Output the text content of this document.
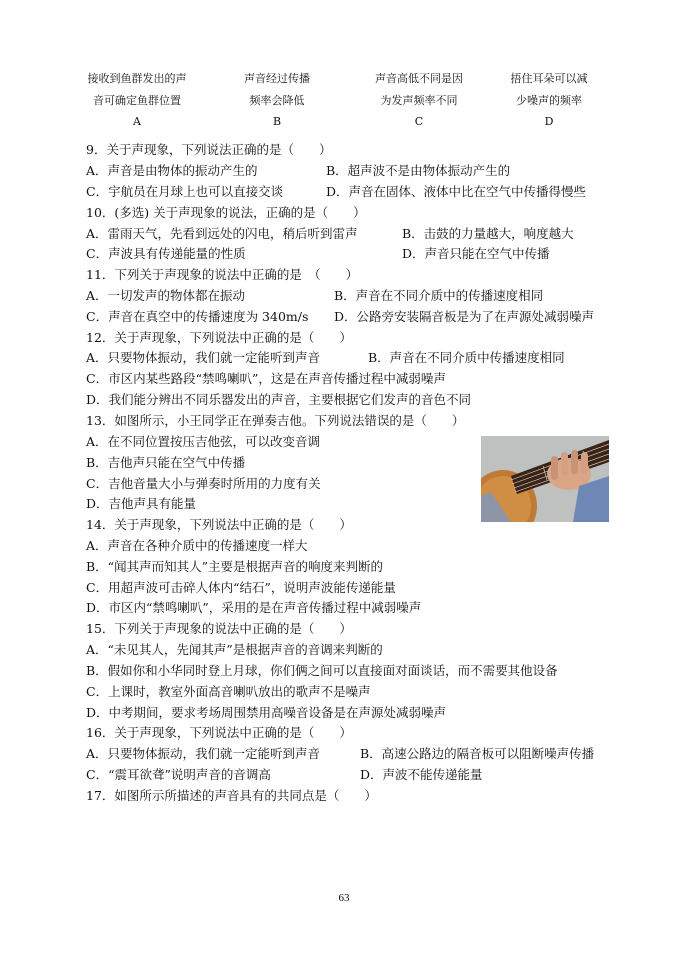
接收到鱼群发出的声
音可确定鱼群位置
A
声音经过传播
频率会降低
B
声音高低不同是因
为发声频率不同
C
捂住耳朵可以减
少噪声的频率
D
9．关于声现象，下列说法正确的是（　　）
A．声音是由物体的振动产生的	B．超声波不是由物体振动产生的
C．宇航员在月球上也可以直接交谈	D．声音在固体、液体中比在空气中传播得慢些
10．(多选) 关于声现象的说法，正确的是（　　）
A．雷雨天气，先看到远处的闪电，稍后听到雷声	B．击鼓的力量越大，响度越大
C．声波具有传递能量的性质	D．声音只能在空气中传播
11．下列关于声现象的说法中正确的是　（　　）
A．一切发声的物体都在振动	B．声音在不同介质中的传播速度相同
C．声音在真空中的传播速度为 340m/s D．公路旁安装隔音板是为了在声源处减弱噪声
12．关于声现象，下列说法中正确的是（　　）
A．只要物体振动，我们就一定能听到声音	B．声音在不同介质中传播速度相同
C．市区内某些路段“禁鸣喇叭”，这是在声音传播过程中减弱噪声
D．我们能分辨出不同乐器发出的声音，主要根据它们发声的音色不同
13．如图所示，小王同学正在弹奏吉他。下列说法错误的是（　　）
A．在不同位置按压吉他弦，可以改变音调
B．吉他声只能在空气中传播
C．吉他音量大小与弹奏时所用的力度有关
D．吉他声具有能量
14．关于声现象，下列说法中正确的是（　　）
A．声音在各种介质中的传播速度一样大
B．“闻其声而知其人”主要是根据声音的响度来判断的
C．用超声波可击碎人体内“结石”，说明声波能传递能量
D．市区内“禁鸣喇叭”，采用的是在声音传播过程中减弱噪声
15．下列关于声现象的说法中正确的是（　　）
A．“未见其人，先闻其声”是根据声音的音调来判断的
B．假如你和小华同时登上月球，你们俩之间可以直接面对面谈话，而不需要其他设备
C．上课时，教室外面高音喇叭放出的歌声不是噪声
D．中考期间，要求考场周围禁用高噪音设备是在声源处减弱噪声
16．关于声现象，下列说法中正确的是（　　）
A．只要物体振动，我们就一定能听到声音	B．高速公路边的隔音板可以阻断噪声传播
C．“震耳欲聋”说明声音的音调高	D．声波不能传递能量
17．如图所示所描述的声音具有的共同点是（　　）
63
